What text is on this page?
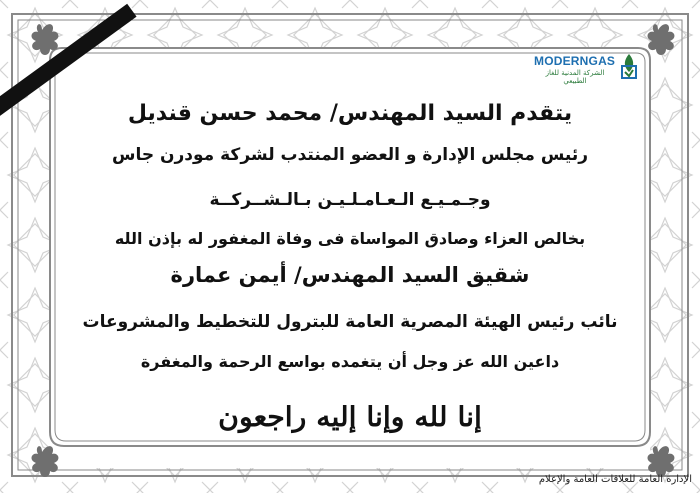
MODERNGAS
الشركة المدنية للغاز الطبيعي
يتقدم السيد المهندس/ محمد حسن قنديل
رئيس مجلس الإدارة و العضو المنتدب لشركة مودرن جاس
وجـمـيـع الـعـامـلـيـن بـالـشــركــة
بخالص العزاء وصادق المواساة فى وفاة المغفور له بإذن الله
شقيق السيد المهندس/ أيمن عمارة
نائب رئيس الهيئة المصرية العامة للبترول للتخطيط والمشروعات
داعين الله عز وجل أن يتغمده بواسع الرحمة والمغفرة
إنا لله وإنا إليه راجعون
الإدارة العامة للعلاقات العامة والإعلام
